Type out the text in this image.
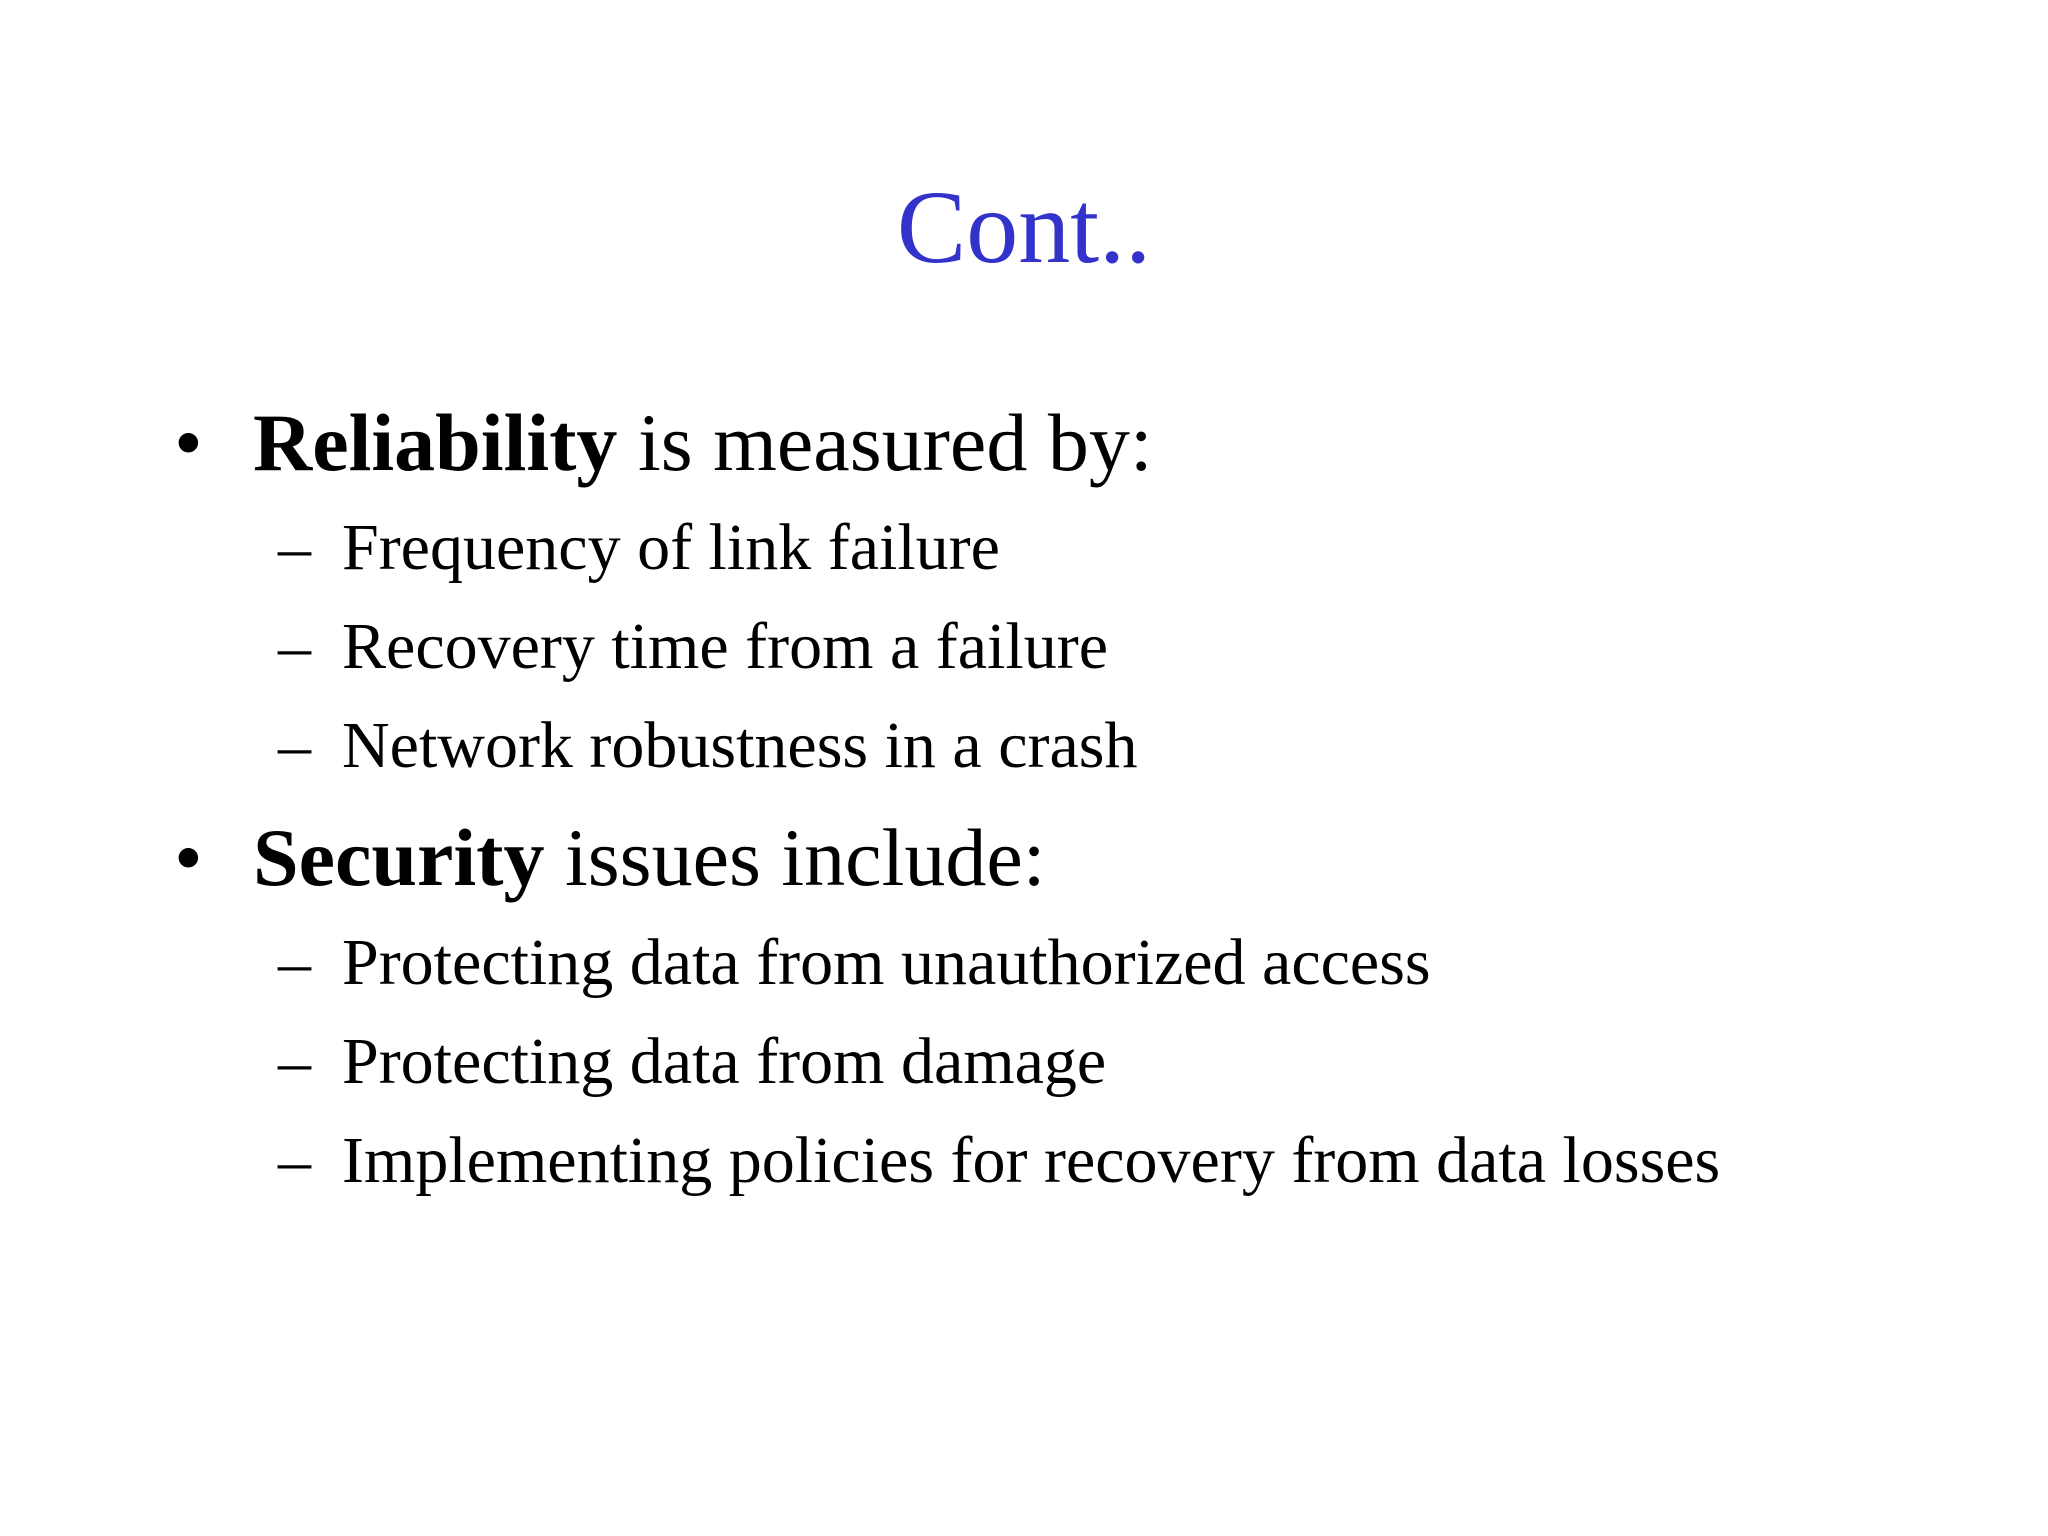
Cont..
• Reliability is measured by:
– Frequency of link failure
– Recovery time from a failure
– Network robustness in a crash
• Security issues include:
– Protecting data from unauthorized access
– Protecting data from damage
– Implementing policies for recovery from data losses
